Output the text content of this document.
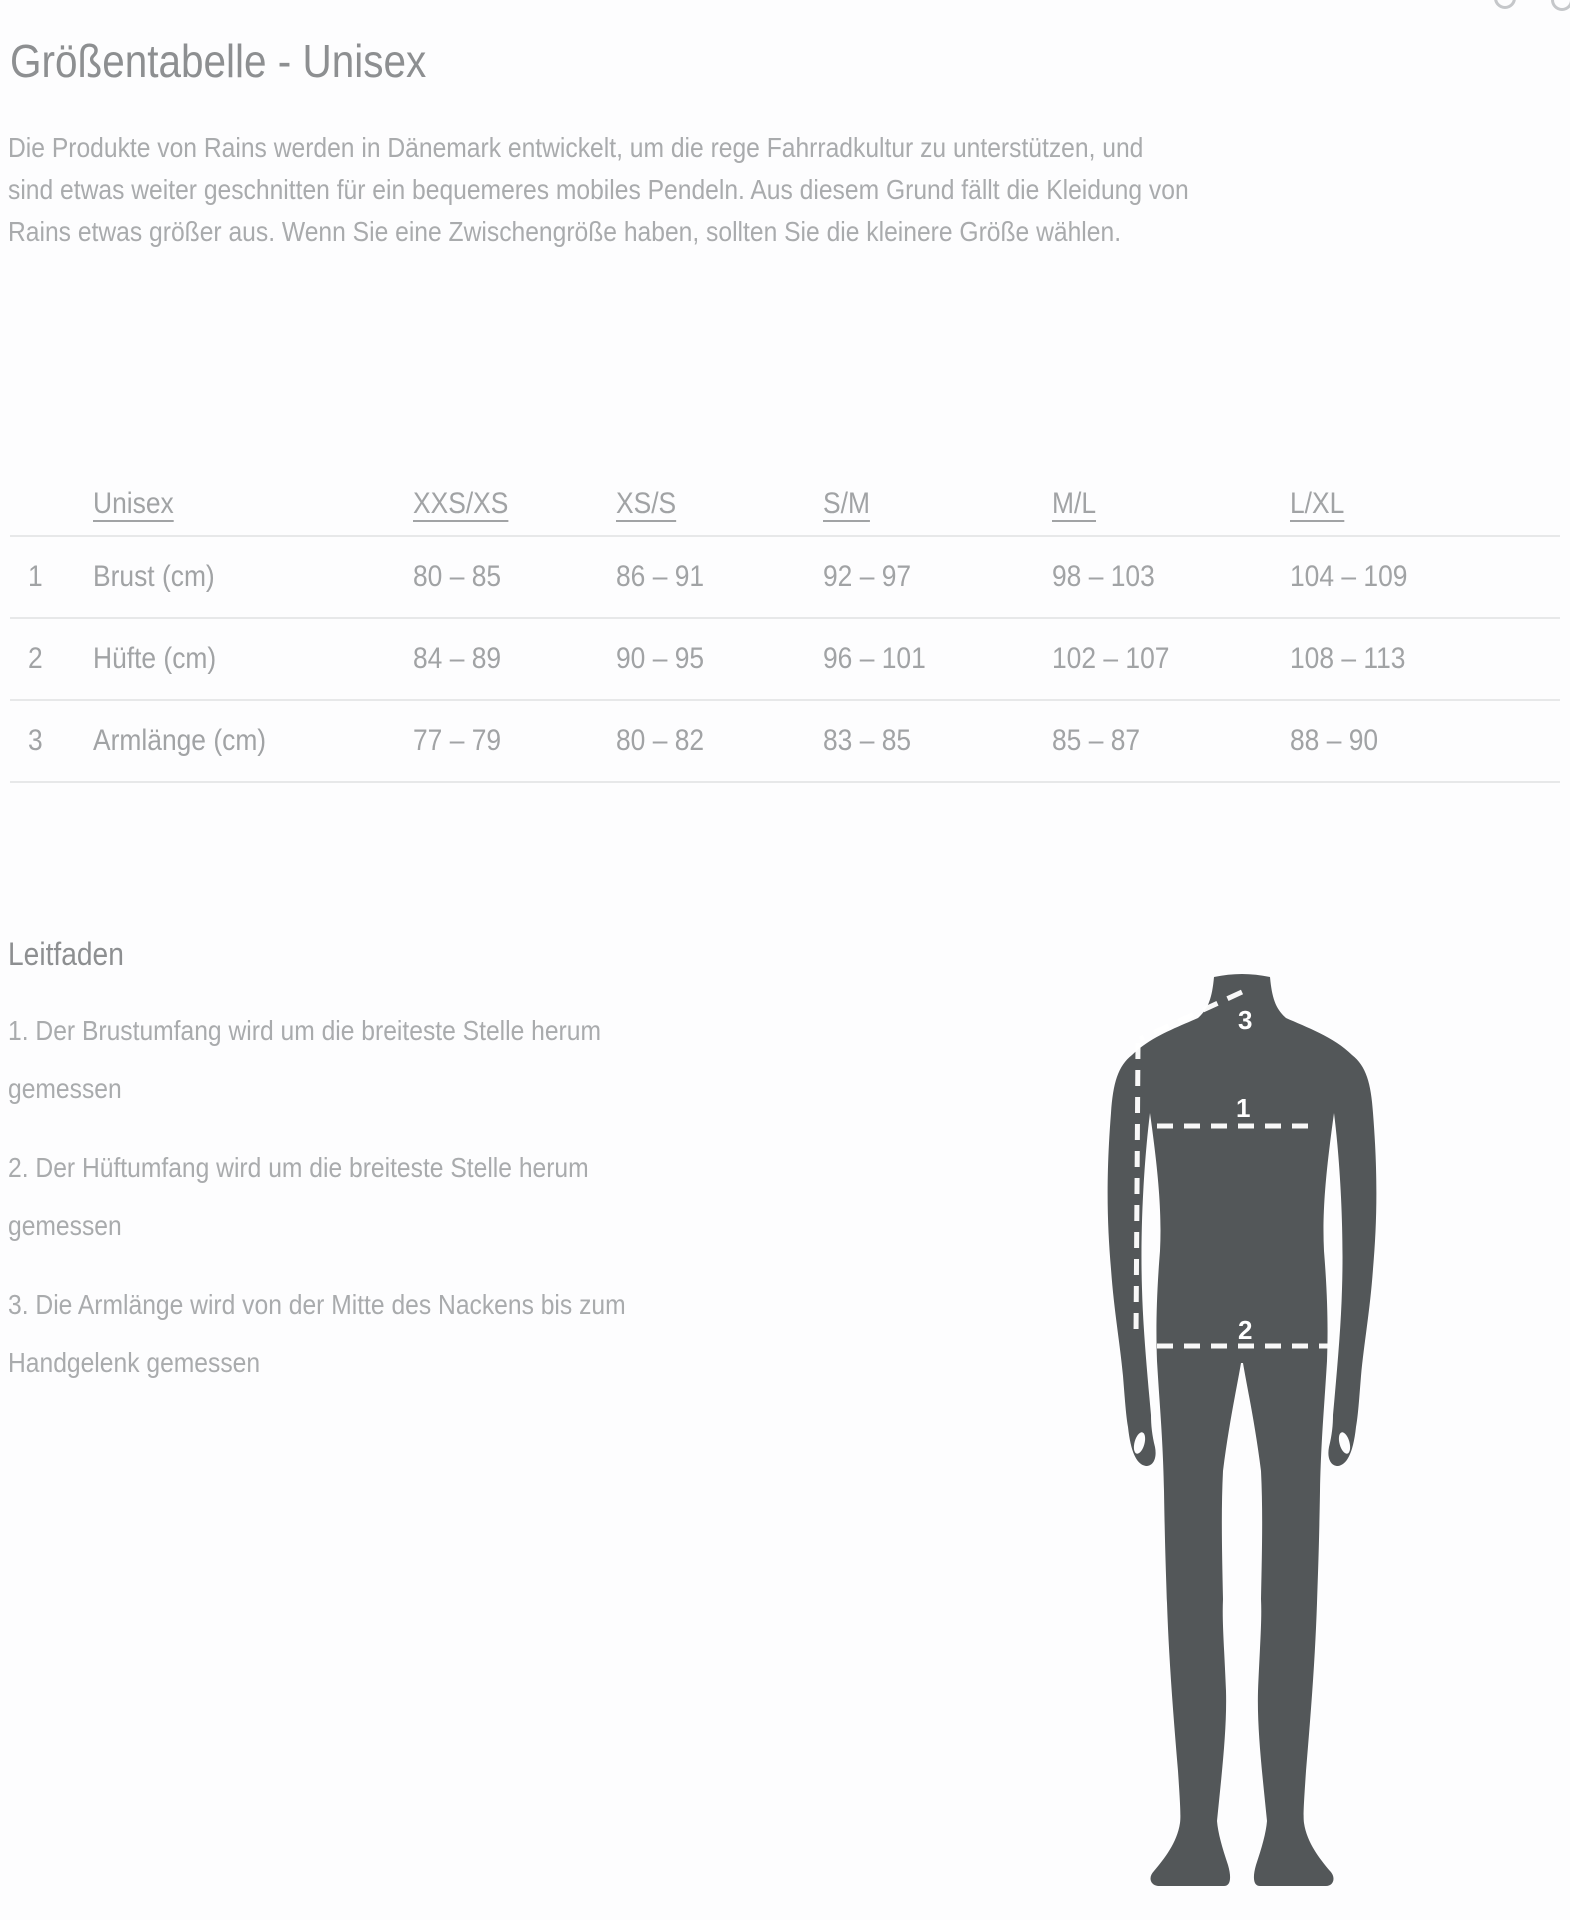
Größentabelle - Unisex

Die Produkte von Rains werden in Dänemark entwickelt, um die rege Fahrradkultur zu unterstützen, und sind etwas weiter geschnitten für ein bequemeres mobiles Pendeln. Aus diesem Grund fällt die Kleidung von Rains etwas größer aus. Wenn Sie eine Zwischengröße haben, sollten Sie die kleinere Größe wählen.

Unisex	XXS/XS	XS/S	S/M	M/L	L/XL
1	Brust (cm)	80 – 85	86 – 91	92 – 97	98 – 103	104 – 109
2	Hüfte (cm)	84 – 89	90 – 95	96 – 101	102 – 107	108 – 113
3	Armlänge (cm)	77 – 79	80 – 82	83 – 85	85 – 87	88 – 90
Leitfaden
1. Der Brustumfang wird um die breiteste Stelle herum gemessen
2. Der Hüftumfang wird um die breiteste Stelle herum gemessen
3. Die Armlänge wird von der Mitte des Nackens bis zum Handgelenk gemessen
1
2
3
